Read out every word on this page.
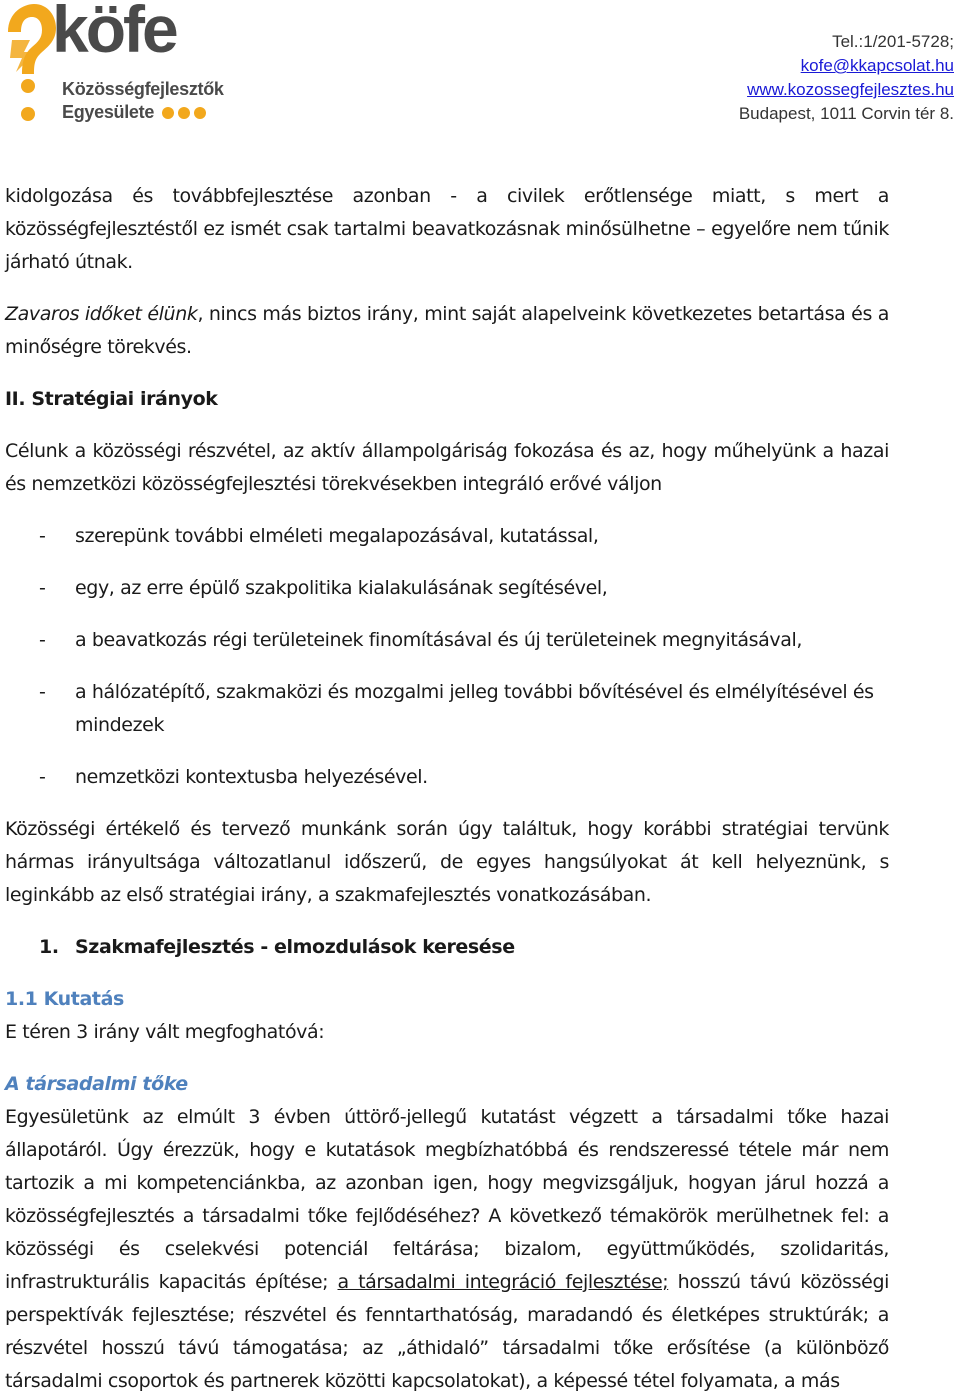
köfe
Közösségfejlesztők
Egyesülete
Tel.:1/201-5728;
kofe@kkapcsolat.hu
www.kozossegfejlesztes.hu
Budapest, 1011 Corvin tér 8.

kidolgozása és továbbfejlesztése azonban - a civilek erőtlensége miatt, s mert a közösségfejlesztéstől ez ismét csak tartalmi beavatkozásnak minősülhetne – egyelőre nem tűnik járható útnak.

Zavaros időket élünk, nincs más biztos irány, mint saját alapelveink következetes betartása és a minőségre törekvés.

II. Stratégiai irányok

Célunk a közösségi részvétel, az aktív állampolgáriság fokozása és az, hogy műhelyünk a hazai és nemzetközi közösségfejlesztési törekvésekben integráló erővé váljon

- szerepünk további elméleti megalapozásával, kutatással,
- egy, az erre épülő szakpolitika kialakulásának segítésével,
- a beavatkozás régi területeinek finomításával és új területeinek megnyitásával,
- a hálózatépítő, szakmaközi és mozgalmi jelleg további bővítésével és elmélyítésével és mindezek
- nemzetközi kontextusba helyezésével.

Közösségi értékelő és tervező munkánk során úgy találtuk, hogy korábbi stratégiai tervünk hármas irányultsága változatlanul időszerű, de egyes hangsúlyokat át kell helyeznünk, s leginkább az első stratégiai irány, a szakmafejlesztés vonatkozásában.

1. Szakmafejlesztés - elmozdulások keresése

1.1 Kutatás

E téren 3 irány vált megfoghatóvá:

A társadalmi tőke

Egyesületünk az elmúlt 3 évben úttörő-jellegű kutatást végzett a társadalmi tőke hazai állapotáról. Úgy érezzük, hogy e kutatások megbízhatóbbá és rendszeressé tétele már nem tartozik a mi kompetenciánkba, az azonban igen, hogy megvizsgáljuk, hogyan járul hozzá a közösségfejlesztés a társadalmi tőke fejlődéséhez? A következő témakörök merülhetnek fel: a közösségi és cselekvési potenciál feltárása; bizalom, együttműködés, szolidaritás, infrastrukturális kapacitás építése; a társadalmi integráció fejlesztése; hosszú távú közösségi perspektívák fejlesztése; részvétel és fenntarthatóság, maradandó és életképes struktúrák; a részvétel hosszú távú támogatása; az „áthidaló” társadalmi tőke erősítése (a különböző társadalmi csoportok és partnerek közötti kapcsolatokat), a képessé tétel folyamata, a más
